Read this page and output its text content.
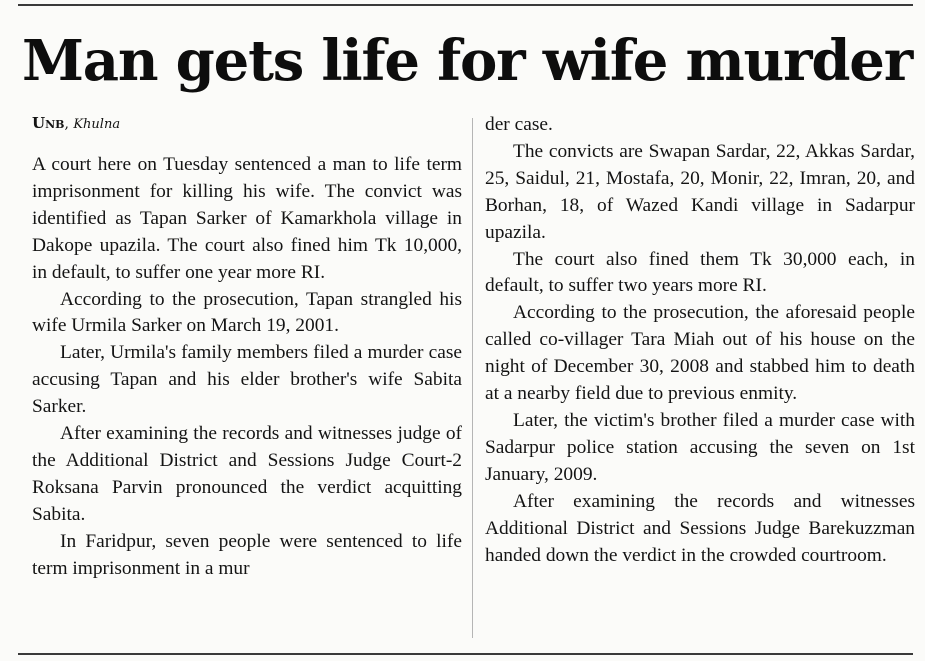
Man gets life for wife murder

Unb, Khulna

A court here on Tuesday sentenced a man to life term imprisonment for killing his wife. The convict was identified as Tapan Sarker of Kamarkhola village in Dakope upazila. The court also fined him Tk 10,000, in default, to suffer one year more RI.

According to the prosecution, Tapan strangled his wife Urmila Sarker on March 19, 2001.

Later, Urmila's family members filed a murder case accusing Tapan and his elder brother's wife Sabita Sarker.

After examining the records and witnesses judge of the Additional District and Sessions Judge Court-2 Roksana Parvin pronounced the verdict acquitting Sabita.

In Faridpur, seven people were sentenced to life term imprisonment in a mur

der case.

The convicts are Swapan Sardar, 22, Akkas Sardar, 25, Saidul, 21, Mostafa, 20, Monir, 22, Imran, 20, and Borhan, 18, of Wazed Kandi village in Sadarpur upazila.

The court also fined them Tk 30,000 each, in default, to suffer two years more RI.

According to the prosecution, the aforesaid people called co-villager Tara Miah out of his house on the night of December 30, 2008 and stabbed him to death at a nearby field due to previous enmity.

Later, the victim's brother filed a murder case with Sadarpur police station accusing the seven on 1st January, 2009.

After examining the records and witnesses Additional District and Sessions Judge Barekuzzman handed down the verdict in the crowded courtroom.
